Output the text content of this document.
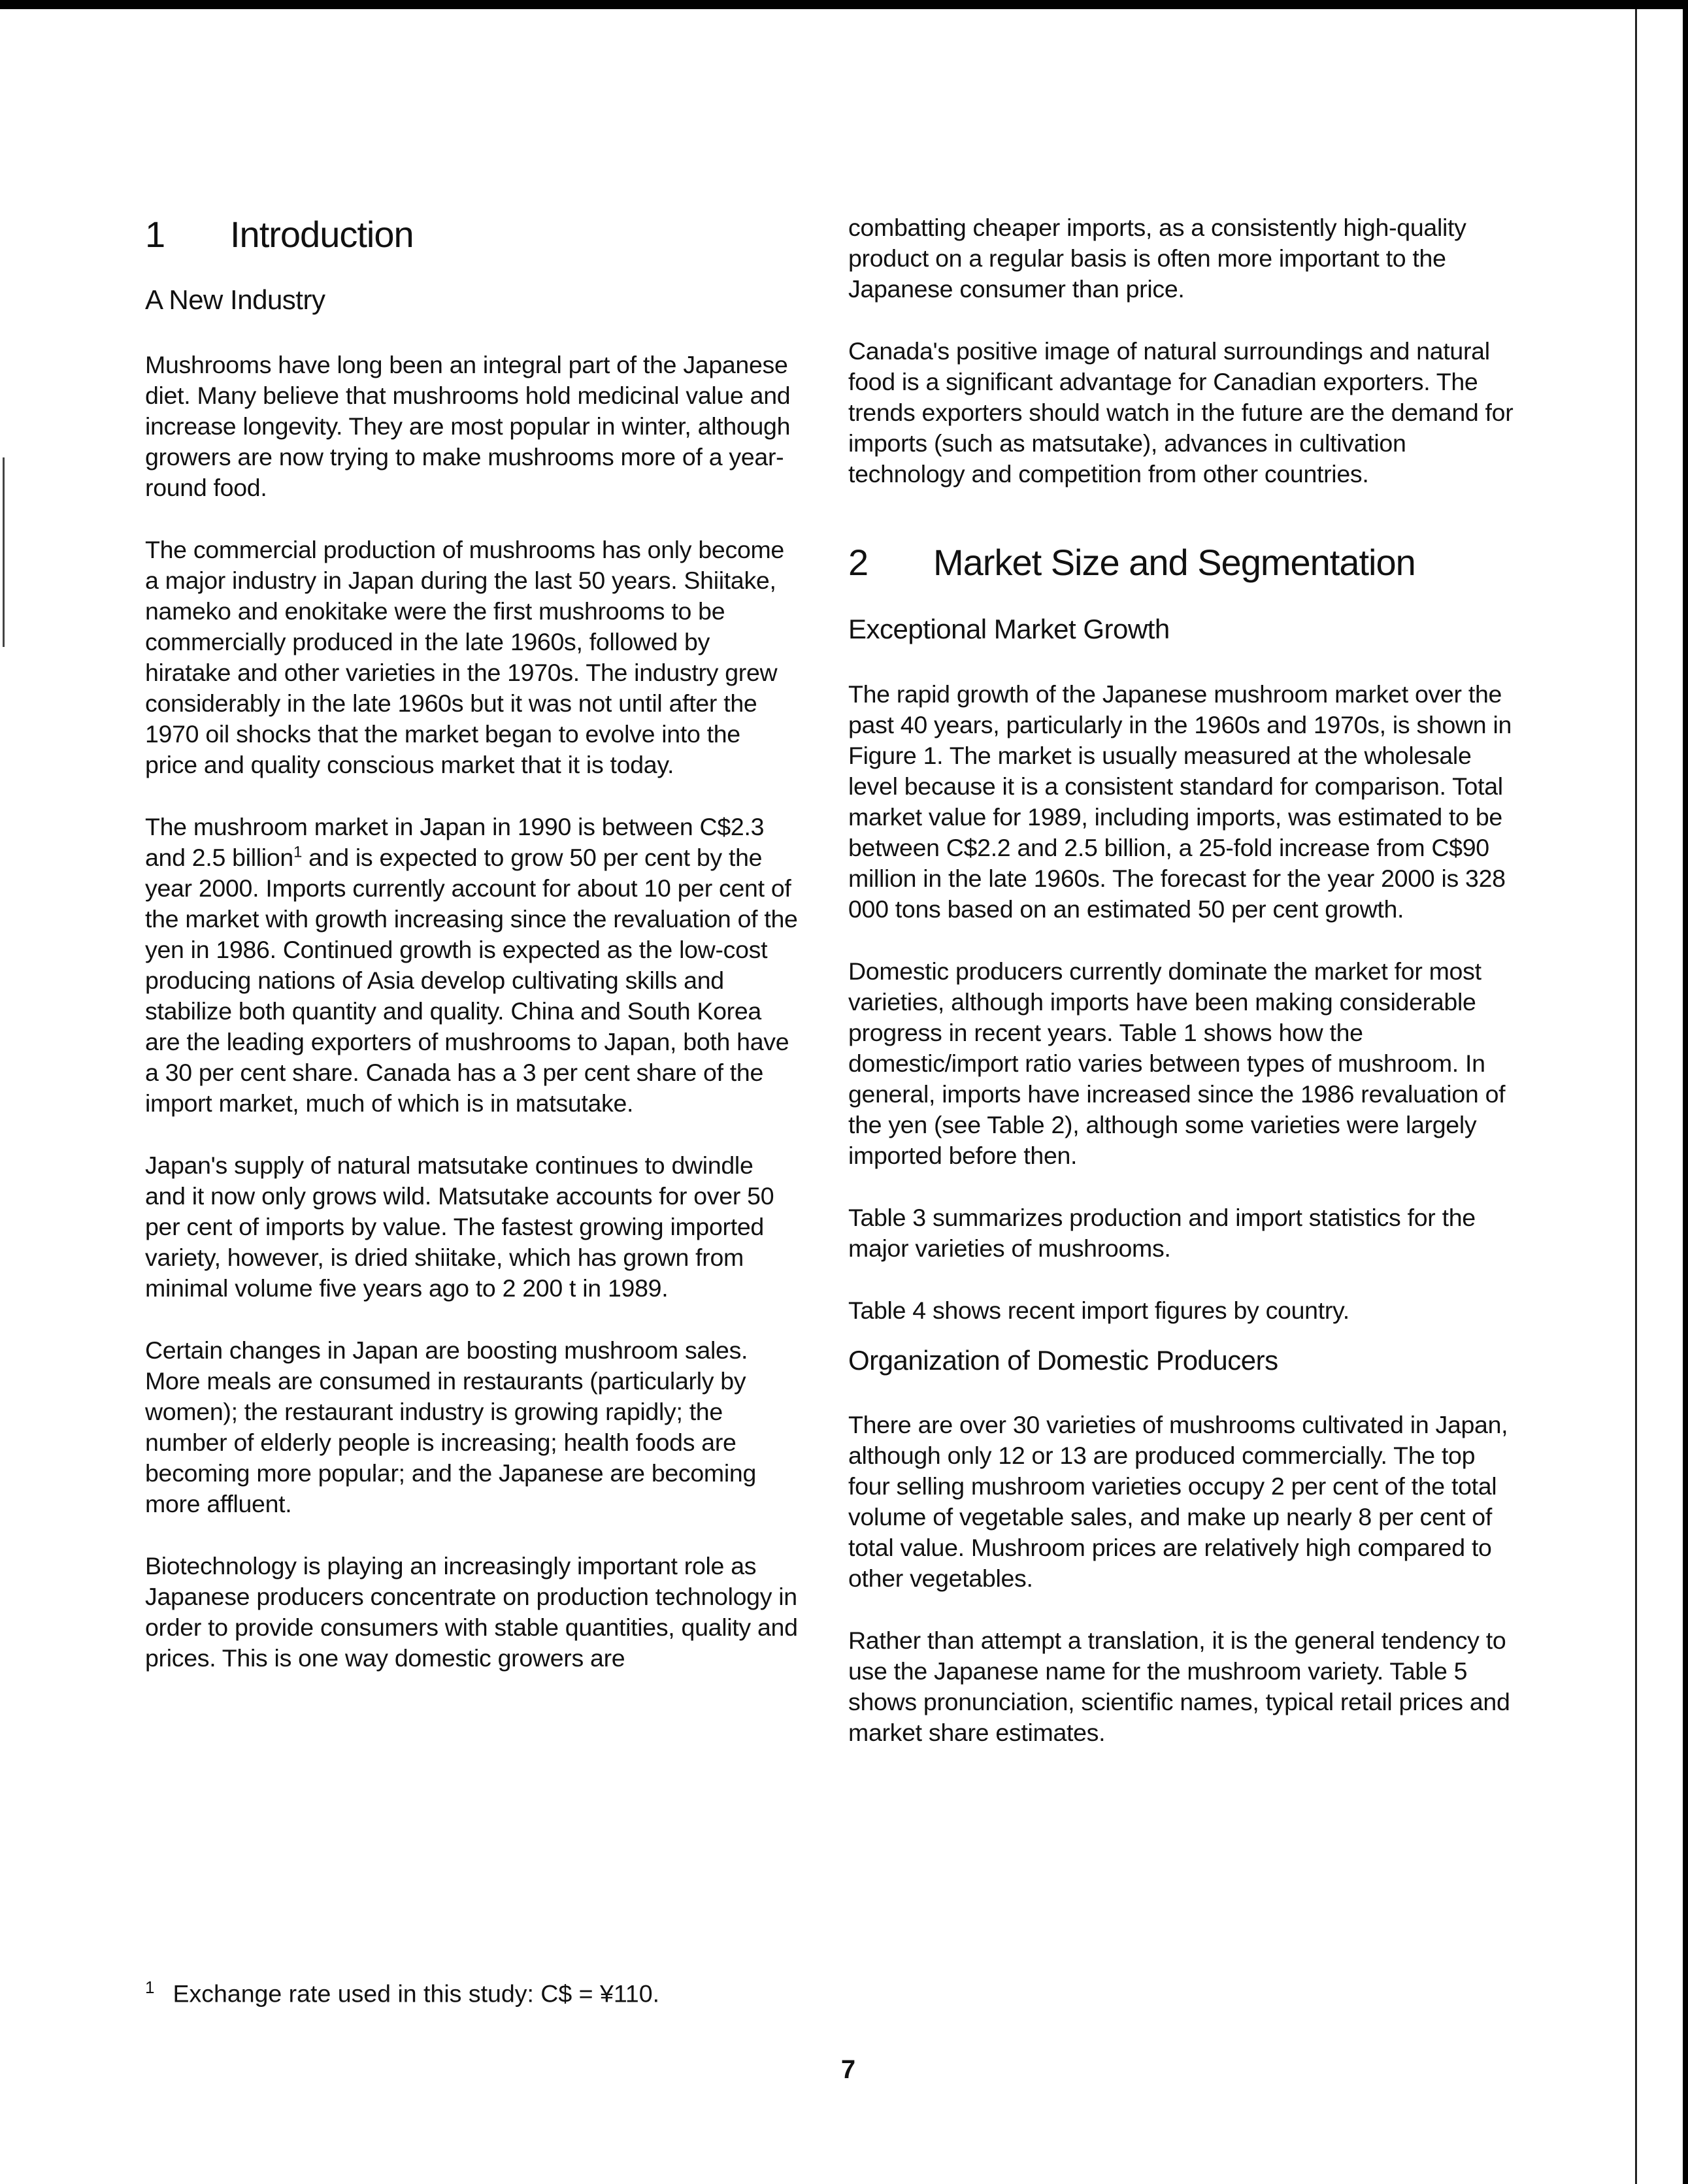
1	Introduction
A New Industry

Mushrooms have long been an integral part of the Japanese diet. Many believe that mushrooms hold medicinal value and increase longevity. They are most popular in winter, although growers are now trying to make mushrooms more of a year-round food.

The commercial production of mushrooms has only become a major industry in Japan during the last 50 years. Shiitake, nameko and enokitake were the first mushrooms to be commercially produced in the late 1960s, followed by hiratake and other varieties in the 1970s. The industry grew considerably in the late 1960s but it was not until after the 1970 oil shocks that the market began to evolve into the price and quality conscious market that it is today.

The mushroom market in Japan in 1990 is between C$2.3 and 2.5 billion$^1$ and is expected to grow 50 per cent by the year 2000. Imports currently account for about 10 per cent of the market with growth increasing since the revaluation of the yen in 1986. Continued growth is expected as the low-cost producing nations of Asia develop cultivating skills and stabilize both quantity and quality. China and South Korea are the leading exporters of mushrooms to Japan, both have a 30 per cent share. Canada has a 3 per cent share of the import market, much of which is in matsutake.

Japan's supply of natural matsutake continues to dwindle and it now only grows wild. Matsutake accounts for over 50 per cent of imports by value. The fastest growing imported variety, however, is dried shiitake, which has grown from minimal volume five years ago to 2 200 t in 1989.

Certain changes in Japan are boosting mushroom sales. More meals are consumed in restaurants (particularly by women); the restaurant industry is growing rapidly; the number of elderly people is increasing; health foods are becoming more popular; and the Japanese are becoming more affluent.

Biotechnology is playing an increasingly important role as Japanese producers concentrate on production technology in order to provide consumers with stable quantities, quality and prices. This is one way domestic growers are

combatting cheaper imports, as a consistently high-quality product on a regular basis is often more important to the Japanese consumer than price.

Canada's positive image of natural surroundings and natural food is a significant advantage for Canadian exporters. The trends exporters should watch in the future are the demand for imports (such as matsutake), advances in cultivation technology and competition from other countries.

2	Market Size and Segmentation
Exceptional Market Growth

The rapid growth of the Japanese mushroom market over the past 40 years, particularly in the 1960s and 1970s, is shown in Figure 1. The market is usually measured at the wholesale level because it is a consistent standard for comparison. Total market value for 1989, including imports, was estimated to be between C$2.2 and 2.5 billion, a 25-fold increase from C$90 million in the late 1960s. The forecast for the year 2000 is 328 000 tons based on an estimated 50 per cent growth.

Domestic producers currently dominate the market for most varieties, although imports have been making considerable progress in recent years. Table 1 shows how the domestic/import ratio varies between types of mushroom. In general, imports have increased since the 1986 revaluation of the yen (see Table 2), although some varieties were largely imported before then.

Table 3 summarizes production and import statistics for the major varieties of mushrooms.

Table 4 shows recent import figures by country.

Organization of Domestic Producers

There are over 30 varieties of mushrooms cultivated in Japan, although only 12 or 13 are produced commercially. The top four selling mushroom varieties occupy 2 per cent of the total volume of vegetable sales, and make up nearly 8 per cent of total value. Mushroom prices are relatively high compared to other vegetables.

Rather than attempt a translation, it is the general tendency to use the Japanese name for the mushroom variety. Table 5 shows pronunciation, scientific names, typical retail prices and market share estimates.

$^1$ Exchange rate used in this study: C$ = ¥110.
7
